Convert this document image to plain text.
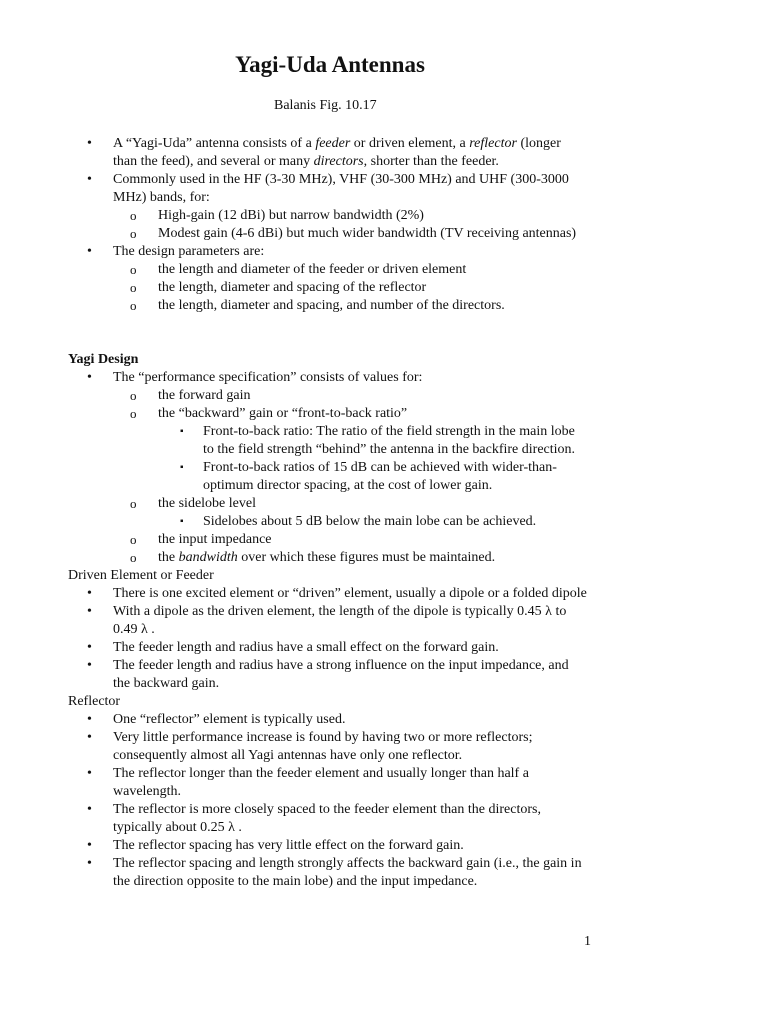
Yagi-Uda Antennas
Balanis Fig. 10.17
• A “Yagi-Uda” antenna consists of a feeder or driven element, a reflector (longer than the feed), and several or many directors, shorter than the feeder.
• Commonly used in the HF (3-30 MHz), VHF (30-300 MHz) and UHF (300-3000 MHz) bands, for:
o High-gain (12 dBi) but narrow bandwidth (2%)
o Modest gain (4-6 dBi) but much wider bandwidth (TV receiving antennas)
• The design parameters are:
o the length and diameter of the feeder or driven element
o the length, diameter and spacing of the reflector
o the length, diameter and spacing, and number of the directors.
Yagi Design
• The “performance specification” consists of values for:
o the forward gain
o the “backward” gain or “front-to-back ratio”
▪ Front-to-back ratio: The ratio of the field strength in the main lobe to the field strength “behind” the antenna in the backfire direction.
▪ Front-to-back ratios of 15 dB can be achieved with wider-than-optimum director spacing, at the cost of lower gain.
o the sidelobe level
▪ Sidelobes about 5 dB below the main lobe can be achieved.
o the input impedance
o the bandwidth over which these figures must be maintained.
Driven Element or Feeder
• There is one excited element or “driven” element, usually a dipole or a folded dipole
• With a dipole as the driven element, the length of the dipole is typically 0.45 λ to 0.49 λ .
• The feeder length and radius have a small effect on the forward gain.
• The feeder length and radius have a strong influence on the input impedance, and the backward gain.
Reflector
• One “reflector” element is typically used.
• Very little performance increase is found by having two or more reflectors; consequently almost all Yagi antennas have only one reflector.
• The reflector longer than the feeder element and usually longer than half a wavelength.
• The reflector is more closely spaced to the feeder element than the directors, typically about 0.25 λ .
• The reflector spacing has very little effect on the forward gain.
• The reflector spacing and length strongly affects the backward gain (i.e., the gain in the direction opposite to the main lobe) and the input impedance.
1
